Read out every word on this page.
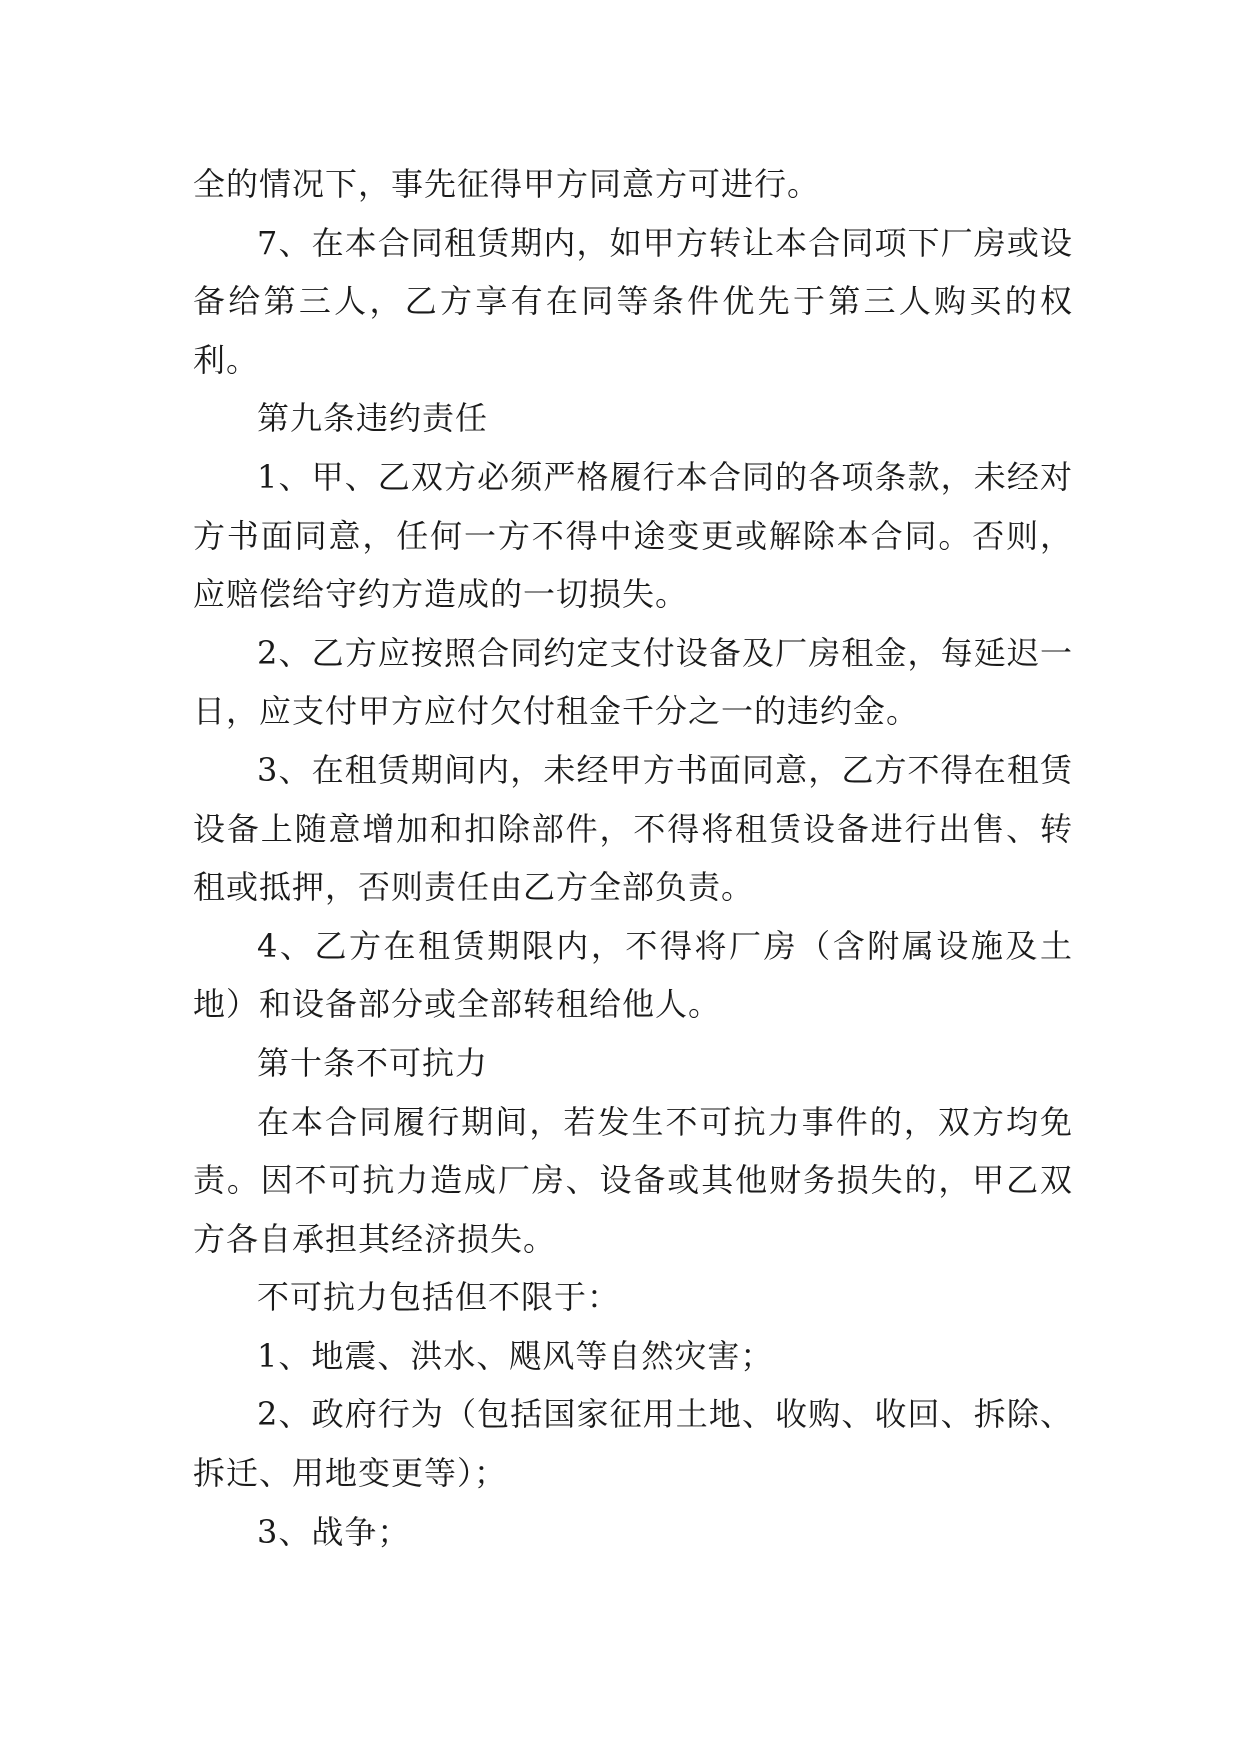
全的情况下，事先征得甲方同意方可进行。

7、在本合同租赁期内，如甲方转让本合同项下厂房或设备给第三人，乙方享有在同等条件优先于第三人购买的权利。

第九条违约责任

1、甲、乙双方必须严格履行本合同的各项条款，未经对方书面同意，任何一方不得中途变更或解除本合同。否则，应赔偿给守约方造成的一切损失。

2、乙方应按照合同约定支付设备及厂房租金，每延迟一日，应支付甲方应付欠付租金千分之一的违约金。

3、在租赁期间内，未经甲方书面同意，乙方不得在租赁设备上随意增加和扣除部件，不得将租赁设备进行出售、转租或抵押，否则责任由乙方全部负责。

4、乙方在租赁期限内，不得将厂房（含附属设施及土地）和设备部分或全部转租给他人。

第十条不可抗力

在本合同履行期间，若发生不可抗力事件的，双方均免责。因不可抗力造成厂房、设备或其他财务损失的，甲乙双方各自承担其经济损失。

不可抗力包括但不限于：

1、地震、洪水、飓风等自然灾害；

2、政府行为（包括国家征用土地、收购、收回、拆除、拆迁、用地变更等）；

3、战争；
